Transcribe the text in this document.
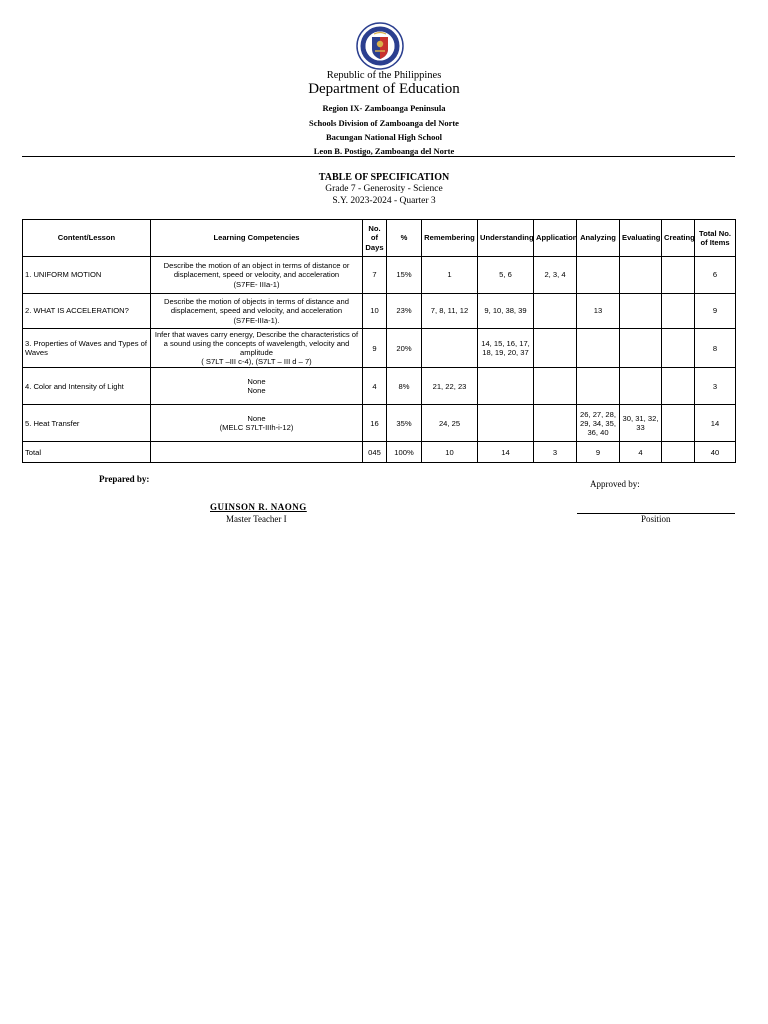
Republic of the Philippines
Department of Education
Region IX- Zamboanga Peninsula
Schools Division of Zamboanga del Norte
Bacungan National High School
Leon B. Postigo, Zamboanga del Norte
TABLE OF SPECIFICATION
Grade 7 - Generosity - Science
S.Y. 2023-2024 - Quarter 3
Content/Lesson	Learning Competencies	No. of Days	%	Remembering	Understanding	Application	Analyzing	Evaluating	Creating	Total No. of Items
1. UNIFORM MOTION	Describe the motion of an object in terms of distance or displacement, speed or velocity, and acceleration
(S7FE- IIIa-1)	7	15%	1	5, 6	2, 3, 4				6
2. WHAT IS ACCELERATION?	Describe the motion of objects in terms of distance and displacement, speed and velocity, and acceleration
(S7FE-IIIa-1).	10	23%	7, 8, 11, 12	9, 10, 38, 39		13			9
3. Properties of Waves and Types of Waves	Infer that waves carry energy, Describe the characteristics of a sound using the concepts of wavelength, velocity and amplitude
( S7LT –III c-4), (S7LT – III d – 7)	9	20%		14, 15, 16, 17, 18, 19, 20, 37					8
4. Color and Intensity of Light	None
None	4	8%	21, 22, 23						3
5. Heat Transfer	None
(MELC S7LT-IIIh-i-12)	16	35%	24, 25			26, 27, 28, 29, 34, 35, 36, 40	30, 31, 32, 33		14
Total		045	100%	10	14	3	9	4		40
Prepared by:	Approved by:
GUINSON R. NAONG
Master Teacher I	Position
